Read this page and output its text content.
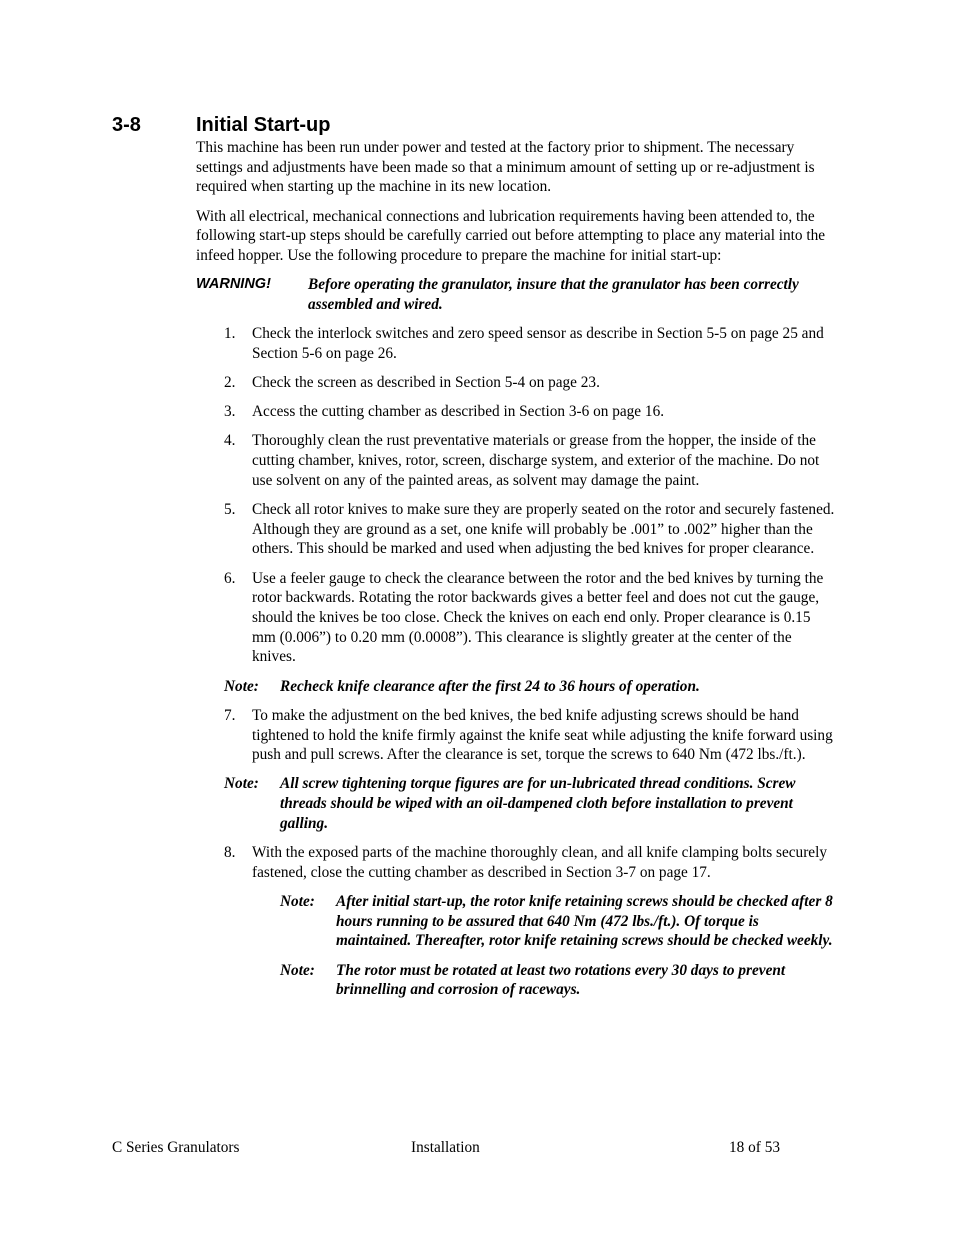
3-8	Initial Start-up

This machine has been run under power and tested at the factory prior to shipment. The necessary settings and adjustments have been made so that a minimum amount of setting up or re-adjustment is required when starting up the machine in its new location.

With all electrical, mechanical connections and lubrication requirements having been attended to, the following start-up steps should be carefully carried out before attempting to place any material into the infeed hopper. Use the following procedure to prepare the machine for initial start-up:

WARNING!	Before operating the granulator, insure that the granulator has been correctly assembled and wired.
1.	Check the interlock switches and zero speed sensor as describe in Section 5-5 on page 25 and Section 5-6 on page 26.
2.	Check the screen as described in Section 5-4 on page 23.
3.	Access the cutting chamber as described in Section 3-6 on page 16.
4.	Thoroughly clean the rust preventative materials or grease from the hopper, the inside of the cutting chamber, knives, rotor, screen, discharge system, and exterior of the machine. Do not use solvent on any of the painted areas, as solvent may damage the paint.
5.	Check all rotor knives to make sure they are properly seated on the rotor and securely fastened. Although they are ground as a set, one knife will probably be .001” to .002” higher than the others. This should be marked and used when adjusting the bed knives for proper clearance.
6.	Use a feeler gauge to check the clearance between the rotor and the bed knives by turning the rotor backwards. Rotating the rotor backwards gives a better feel and does not cut the gauge, should the knives be too close. Check the knives on each end only. Proper clearance is 0.15 mm (0.006”) to 0.20 mm (0.0008”). This clearance is slightly greater at the center of the knives.
Note:	Recheck knife clearance after the first 24 to 36 hours of operation.
7.	To make the adjustment on the bed knives, the bed knife adjusting screws should be hand tightened to hold the knife firmly against the knife seat while adjusting the knife forward using push and pull screws. After the clearance is set, torque the screws to 640 Nm (472 lbs./ft.).
Note:	All screw tightening torque figures are for un-lubricated thread conditions. Screw threads should be wiped with an oil-dampened cloth before installation to prevent galling.
8.	With the exposed parts of the machine thoroughly clean, and all knife clamping bolts securely fastened, close the cutting chamber as described in Section 3-7 on page 17.
Note:	After initial start-up, the rotor knife retaining screws should be checked after 8 hours running to be assured that 640 Nm (472 lbs./ft.). Of torque is maintained. Thereafter, rotor knife retaining screws should be checked weekly.
Note:	The rotor must be rotated at least two rotations every 30 days to prevent brinnelling and corrosion of raceways.
C Series Granulators	Installation	18 of 53
